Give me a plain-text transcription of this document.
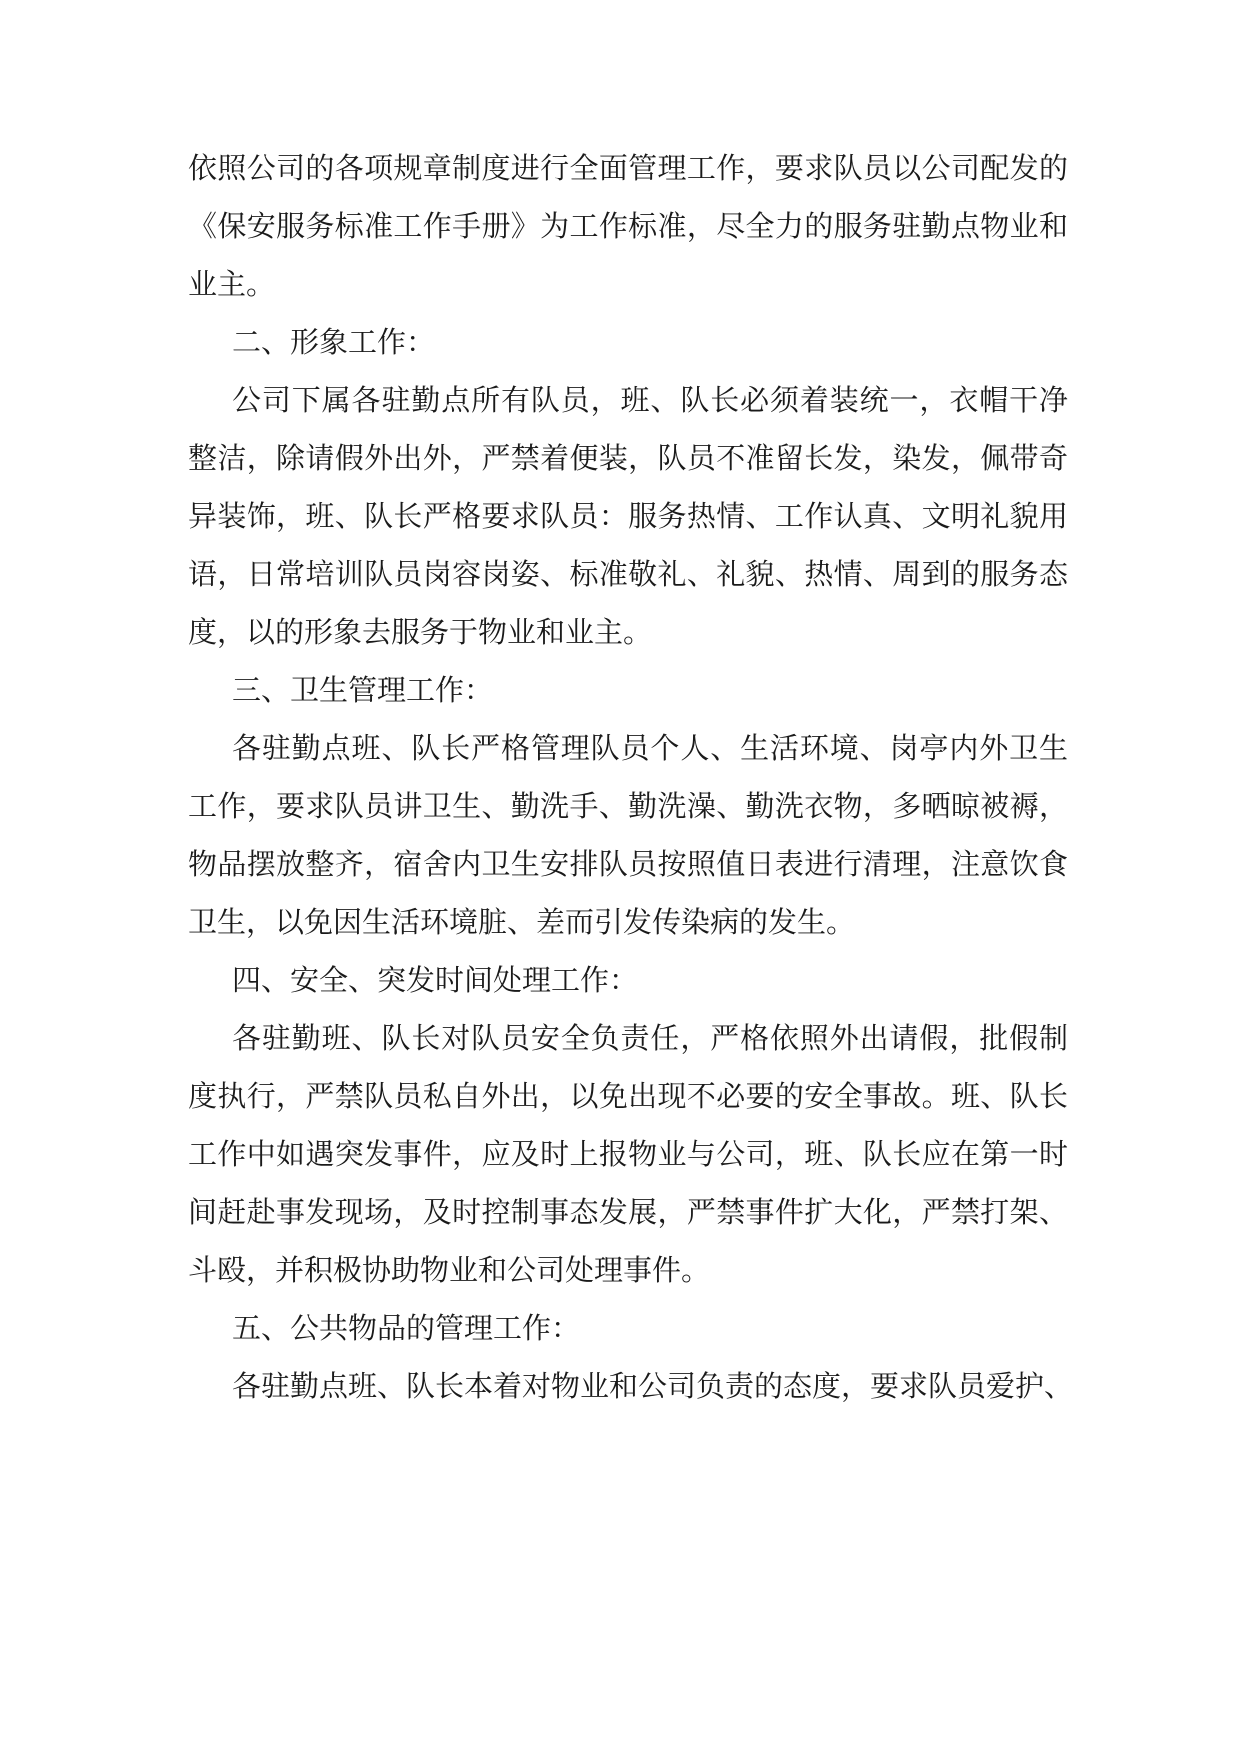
依照公司的各项规章制度进行全面管理工作，要求队员以公司配发的
《保安服务标准工作手册》为工作标准，尽全力的服务驻勤点物业和
业主。
二、形象工作：
公司下属各驻勤点所有队员，班、队长必须着装统一，衣帽干净
整洁，除请假外出外，严禁着便装，队员不准留长发，染发，佩带奇
异装饰，班、队长严格要求队员：服务热情、工作认真、文明礼貌用
语，日常培训队员岗容岗姿、标准敬礼、礼貌、热情、周到的服务态
度，以的形象去服务于物业和业主。
三、卫生管理工作：
各驻勤点班、队长严格管理队员个人、生活环境、岗亭内外卫生
工作，要求队员讲卫生、勤洗手、勤洗澡、勤洗衣物，多晒晾被褥，
物品摆放整齐，宿舍内卫生安排队员按照值日表进行清理，注意饮食
卫生，以免因生活环境脏、差而引发传染病的发生。
四、安全、突发时间处理工作：
各驻勤班、队长对队员安全负责任，严格依照外出请假，批假制
度执行，严禁队员私自外出，以免出现不必要的安全事故。班、队长
工作中如遇突发事件，应及时上报物业与公司，班、队长应在第一时
间赶赴事发现场，及时控制事态发展，严禁事件扩大化，严禁打架、
斗殴，并积极协助物业和公司处理事件。
五、公共物品的管理工作：
各驻勤点班、队长本着对物业和公司负责的态度，要求队员爱护、
